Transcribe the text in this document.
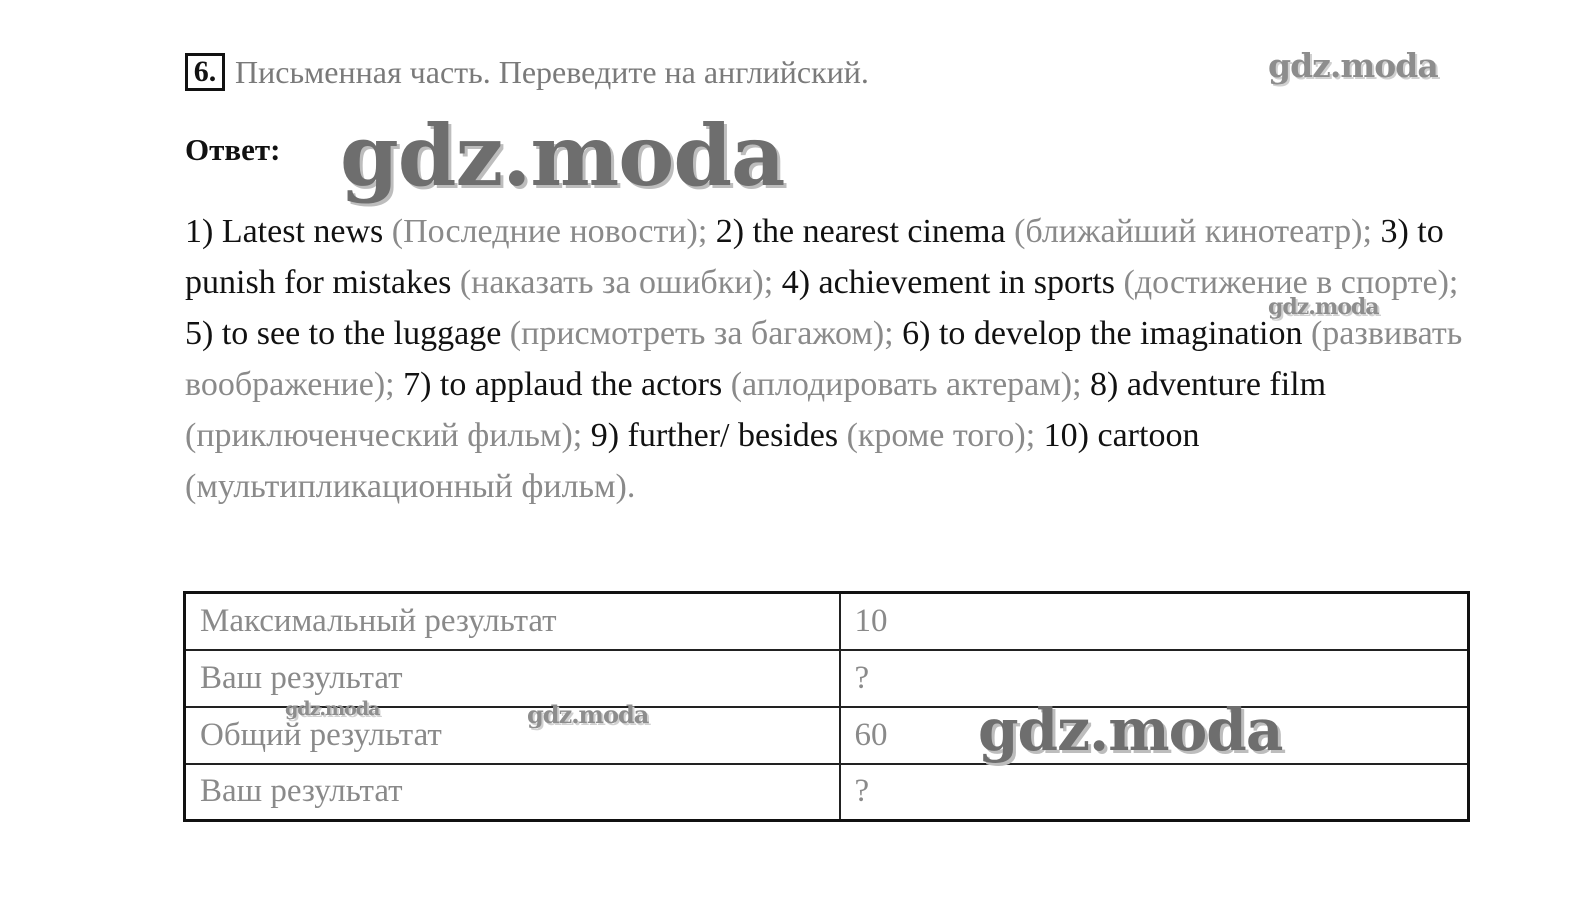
6. Письменная часть. Переведите на английский.	gdz.moda
Ответ: gdz.moda

1) Latest news (Последние новости); 2) the nearest cinema (ближайший кинотеатр); 3) to punish for mistakes (наказать за ошибки); 4) achievement in sports (достижение в спорте); 5) to see to the luggage (присмотреть за багажом); 6) to develop the imagination (развивать воображение); 7) to applaud the actors (аплодировать актерам); 8) adventure film (приключенческий фильм); 9) further/ besides (кроме того); 10) cartoon (мультипликационный фильм).

gdz.moda
Максимальный результат	10
Ваш результат	?
Общий результат	60
Ваш результат	?
gdz.moda	gdz.moda	gdz.moda
